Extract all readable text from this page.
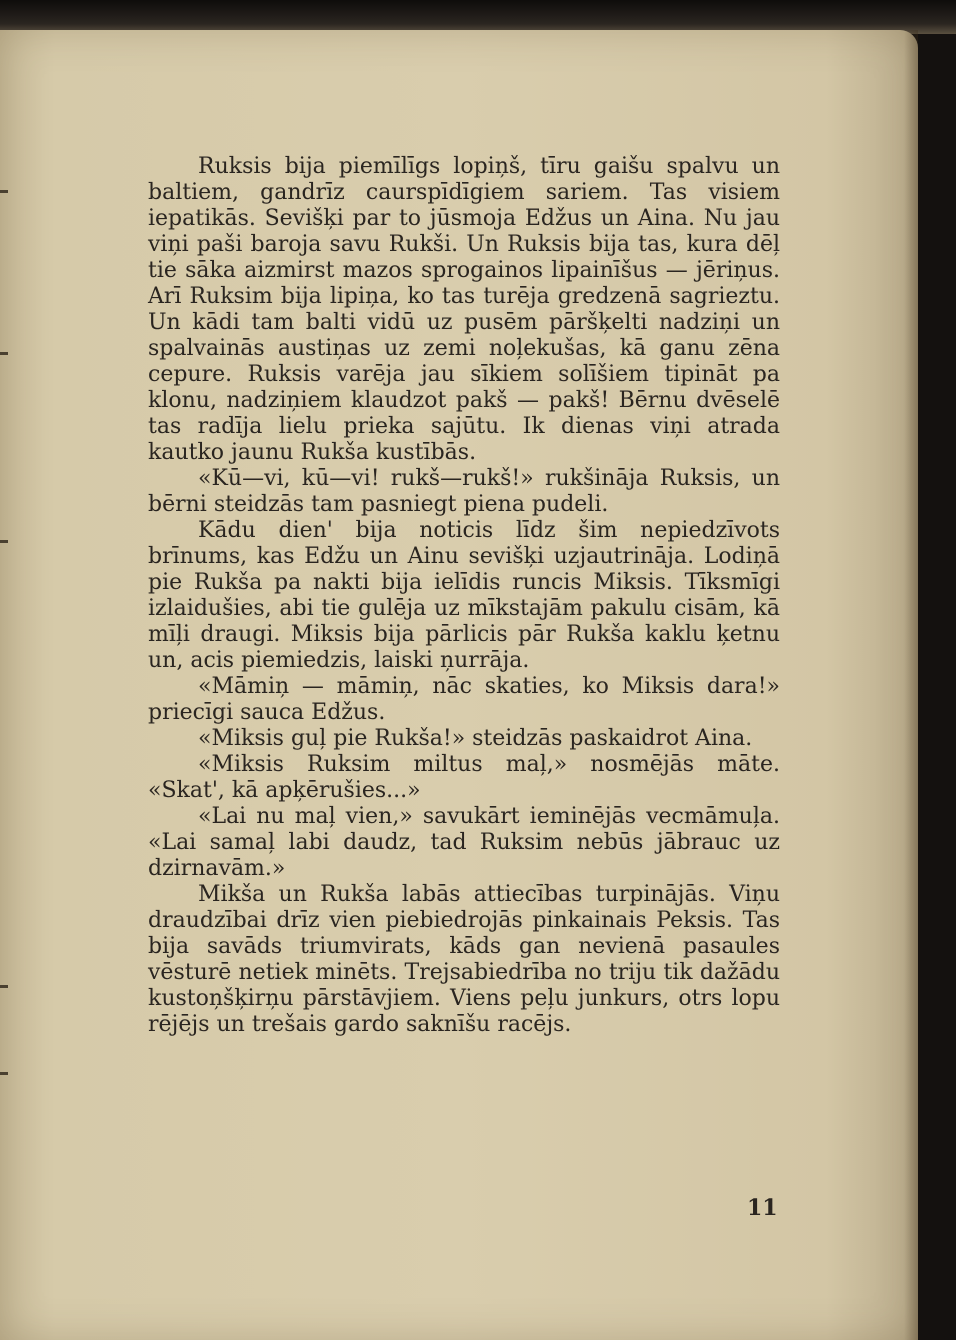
Ruksis bija piemīlīgs lopiņš, tīru gaišu spalvu un baltiem, gandrīz caurspīdīgiem sariem. Tas visiem iepatikās. Sevišķi par to jūsmoja Edžus un Aina. Nu jau viņi paši baroja savu Rukši. Un Ruksis bija tas, kura dēļ tie sāka aizmirst mazos sprogainos lipainīšus — jēriņus. Arī Ruksim bija lipiņa, ko tas turēja gredzenā sagrieztu. Un kādi tam balti vidū uz pusēm pāršķelti nadziņi un spalvainās austiņas uz zemi noļekušas, kā ganu zēna cepure. Ruksis varēja jau sīkiem solīšiem tipināt pa klonu, nadziņiem klaudzot pakš — pakš! Bērnu dvēselē tas radīja lielu prieka sajūtu. Ik dienas viņi atrada kautko jaunu Rukša kustībās.

«Kū—vi, kū—vi! rukš—rukš!» rukšināja Ruksis, un bērni steidzās tam pasniegt piena pudeli.

Kādu dien' bija noticis līdz šim nepiedzīvots brīnums, kas Edžu un Ainu sevišķi uzjautrināja. Lodiņā pie Rukša pa nakti bija ielīdis runcis Miksis. Tīksmīgi izlaidušies, abi tie gulēja uz mīkstajām pakulu cisām, kā mīļi draugi. Miksis bija pārlicis pār Rukša kaklu ķetnu un, acis piemiedzis, laiski ņurrāja.

«Māmiņ — māmiņ, nāc skaties, ko Miksis dara!» priecīgi sauca Edžus.

«Miksis guļ pie Rukša!» steidzās paskaidrot Aina.

«Miksis Ruksim miltus maļ,» nosmējās māte. «Skat', kā apķērušies...»

«Lai nu maļ vien,» savukārt ieminējās vecmāmuļa. «Lai samaļ labi daudz, tad Ruksim nebūs jābrauc uz dzirnavām.»

Mikša un Rukša labās attiecības turpinājās. Viņu draudzībai drīz vien piebiedrojās pinkainais Peksis. Tas bija savāds triumvirats, kāds gan nevienā pasaules vēsturē netiek minēts. Trejsabiedrība no triju tik dažādu kustoņšķirņu pārstāvjiem. Viens peļu junkurs, otrs lopu rējējs un trešais gardo saknīšu racējs.

11
